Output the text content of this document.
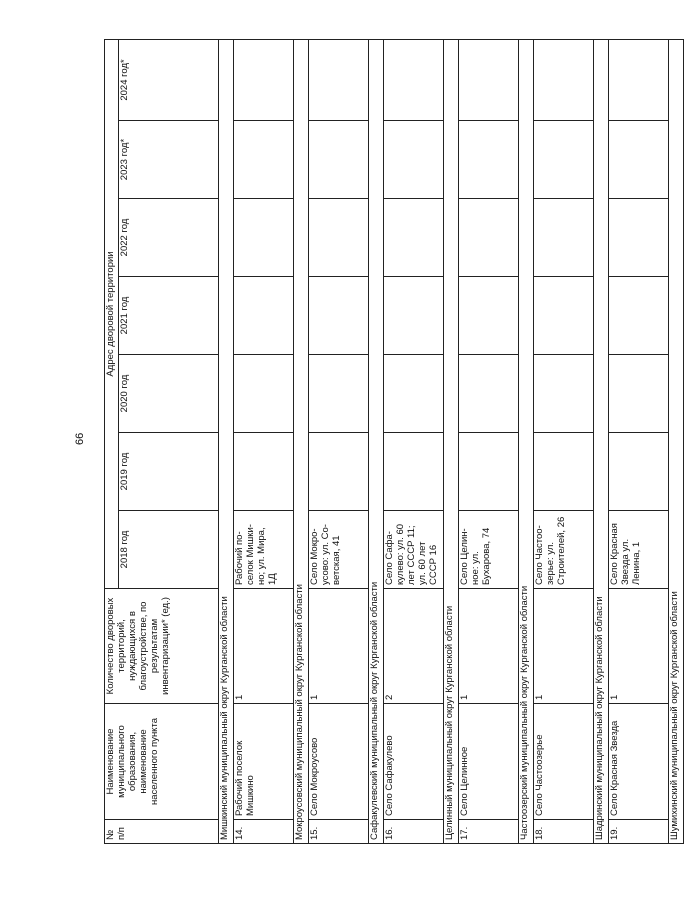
66
№ п/п	Наименование муниципального образования, наименование населенного пункта	Количество дворовых территорий, нуждающихся в благоустройстве, по результатам инвентаризации* (ед.)	Адрес дворовой территории						
			2018 год	2019 год	2020 год	2021 год	2022 год	2023 год*	2024 год*
Мишкинский муниципальный округ Курганской области									
14.	Рабочий поселок Мишкино	1	Рабочий по-селок Мишки-но; ул. Мира, 1Д						
Мокроусовский муниципальный округ Курганской области									
15.	Село Мокроусово	1	Село Мокро-усово: ул. Со-ветская, 41						
Сафакулевский муниципальный округ Курганской области									
16.	Село Сафакулево	2	Село Сафа-кулево: ул. 60 лет СССР 11; ул. 60 лет СССР 16						
Целинный муниципальный округ Курганской области									
17.	Село Целинное	1	Село Целин-ное: ул. Бухарова, 74						
Частоозерский муниципальный округ Курганской области									
18.	Село Частоозерье	1	Село Частоо-зерье: ул. Строителей, 26						
Шадринский муниципальный округ Курганской области									
19.	Село Красная Звезда	1	Село Красная Звезда ул. Ленина, 1						
Шумихинский муниципальный округ Курганской области									
